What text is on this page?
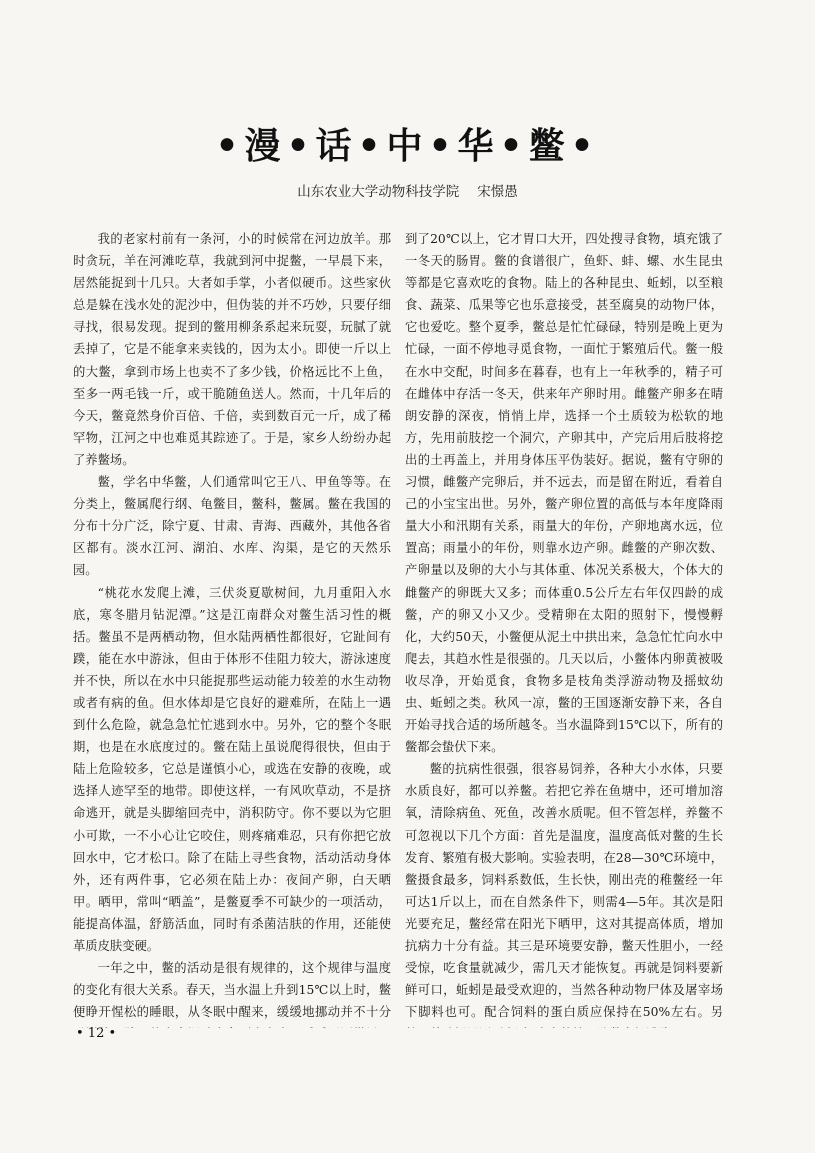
•漫•话•中•华•鳖•
山东农业大学动物科技学院 宋憬愚

我的老家村前有一条河，小的时候常在河边放羊。那时贪玩，羊在河滩吃草，我就到河中捉鳖，一早晨下来，居然能捉到十几只。大者如手掌，小者似硬币。这些家伙总是躲在浅水处的泥沙中，但伪装的并不巧妙，只要仔细寻找，很易发现。捉到的鳖用柳条系起来玩耍，玩腻了就丢掉了，它是不能拿来卖钱的，因为太小。即使一斤以上的大鳖，拿到市场上也卖不了多少钱，价格远比不上鱼，至多一两毛钱一斤，或干脆随鱼送人。然而，十几年后的今天，鳖竟然身价百倍、千倍，卖到数百元一斤，成了稀罕物，江河之中也难觅其踪迹了。于是，家乡人纷纷办起了养鳖场。

鳖，学名中华鳖，人们通常叫它王八、甲鱼等等。在分类上，鳖属爬行纲、龟鳖目，鳖科，鳖属。鳖在我国的分布十分广泛，除宁夏、甘肃、青海、西藏外，其他各省区都有。淡水江河、湖泊、水库、沟渠，是它的天然乐园。

“桃花水发爬上滩，三伏炎夏歇树间，九月重阳入水底，寒冬腊月钻泥潭。”这是江南群众对鳖生活习性的概括。鳖虽不是两栖动物，但水陆两栖性都很好，它趾间有蹼，能在水中游泳，但由于体形不佳阻力较大，游泳速度并不快，所以在水中只能捉那些运动能力较差的水生动物或者有病的鱼。但水体却是它良好的避难所，在陆上一遇到什么危险，就急急忙忙逃到水中。另外，它的整个冬眠期，也是在水底度过的。鳖在陆上虽说爬得很快，但由于陆上危险较多，它总是谨慎小心，或选在安静的夜晚，或选择人迹罕至的地带。即使这样，一有风吹草动，不是挤命逃开，就是头脚缩回壳中，消积防守。你不要以为它胆小可欺，一不小心让它咬住，则疼痛难忍，只有你把它放回水中，它才松口。除了在陆上寻些食物，活动活动身体外，还有两件事，它必须在陆上办：夜间产卵，白天晒甲。晒甲，常叫“晒盖”，是鳖夏季不可缺少的一项活动，能提高体温，舒筋活血，同时有杀菌洁肤的作用，还能使革质皮肤变硬。

一年之中，鳖的活动是很有规律的，这个规律与温度的变化有很大关系。春天，当水温上升到15℃以上时，鳖便睁开惺松的睡眼，从冬眠中醒来，缓缓地挪动并不十分

到了20℃以上，它才胃口大开，四处搜寻食物，填充饿了一冬天的肠胃。鳖的食谱很广，鱼虾、蚌、螺、水生昆虫等都是它喜欢吃的食物。陆上的各种昆虫、蚯蚓，以至粮食、蔬菜、瓜果等它也乐意接受，甚至腐臭的动物尸体，它也爱吃。整个夏季，鳖总是忙忙碌碌，特别是晚上更为忙碌，一面不停地寻觅食物，一面忙于繁殖后代。鳖一般在水中交配，时间多在暮春，也有上一年秋季的，精子可在雌体中存活一冬天，供来年产卵时用。雌鳖产卵多在晴朗安静的深夜，悄悄上岸，选择一个土质较为松软的地方，先用前肢挖一个洞穴，产卵其中，产完后用后肢将挖出的土再盖上，并用身体压平伪装好。据说，鳖有守卵的习惯，雌鳖产完卵后，并不远去，而是留在附近，看着自己的小宝宝出世。另外，鳖产卵位置的高低与本年度降雨量大小和汛期有关系，雨量大的年份，产卵地离水远，位置高；雨量小的年份，则靠水边产卵。雌鳖的产卵次数、产卵量以及卵的大小与其体重、体况关系极大，个体大的雌鳖产的卵既大又多；而体重0.5公斤左右年仅四龄的成鳖，产的卵又小又少。受精卵在太阳的照射下，慢慢孵化，大约50天，小鳖便从泥土中拱出来，急急忙忙向水中爬去，其趋水性是很强的。几天以后，小鳖体内卵黄被吸收尽净，开始觅食，食物多是枝角类浮游动物及摇蚊幼虫、蚯蚓之类。秋风一凉，鳖的王国逐渐安静下来，各自开始寻找合适的场所越冬。当水温降到15℃以下，所有的鳖都会蛰伏下来。

鳖的抗病性很强，很容易饲养，各种大小水体，只要水质良好，都可以养鳖。若把它养在鱼塘中，还可增加溶氧，清除病鱼、死鱼，改善水质呢。但不管怎样，养鳖不可忽视以下几个方面：首先是温度，温度高低对鳖的生长发育、繁殖有极大影响。实验表明，在28—30℃环境中，鳖摄食最多，饲料系数低，生长快，刚出壳的稚鳖经一年可达1斤以上，而在自然条件下，则需4—5年。其次是阳光要充足，鳖经常在阳光下晒甲，这对其提高体质，增加抗病力十分有益。其三是环境要安静，鳖天性胆小，一经受惊，吃食量就减少，需几天才能恢复。再就是饲料要新鲜可口，蚯蚓是最受欢迎的，当然各种动物尸体及屠宰场下脚料也可。配合饲料的蛋白质应保持在50%左右。另

• 12 •
